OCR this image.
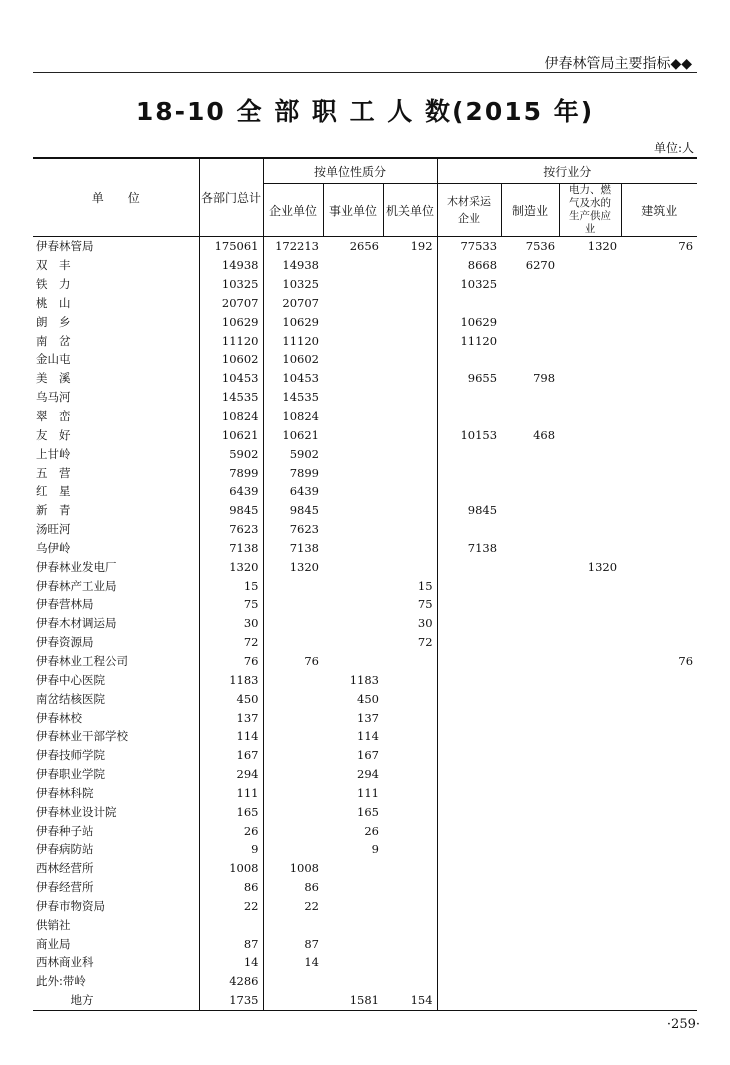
伊春林管局主要指标◆◆
18-10 全 部 职 工 人 数(2015 年)
单位:人
单　　位	各部门总计	按单位性质分			按行业分			
		企业单位	事业单位	机关单位	木材采运企业	制造业	电力、燃气及水的生产供应业	建筑业
伊春林管局	175061	172213	2656	192	77533	7536	1320	76
双　丰	14938	14938			8668	6270		
铁　力	10325	10325			10325			
桃　山	20707	20707						
朗　乡	10629	10629			10629			
南　岔	11120	11120			11120			
金山屯	10602	10602						
美　溪	10453	10453			9655	798		
乌马河	14535	14535						
翠　峦	10824	10824						
友　好	10621	10621			10153	468		
上甘岭	5902	5902						
五　营	7899	7899						
红　星	6439	6439						
新　青	9845	9845			9845			
汤旺河	7623	7623						
乌伊岭	7138	7138			7138			
伊春林业发电厂	1320	1320					1320	
伊春林产工业局	15			15				
伊春营林局	75			75				
伊春木材调运局	30			30				
伊春资源局	72			72				
伊春林业工程公司	76	76						76
伊春中心医院	1183		1183					
南岔结核医院	450		450					
伊春林校	137		137					
伊春林业干部学校	114		114					
伊春技师学院	167		167					
伊春职业学院	294		294					
伊春林科院	111		111					
伊春林业设计院	165		165					
伊春种子站	26		26					
伊春病防站	9		9					
西林经营所	1008	1008						
伊春经营所	86	86						
伊春市物资局	22	22						
供销社								
商业局	87	87						
西林商业科	14	14						
此外:带岭	4286							
　　　地方	1735		1581	154				
·259·
